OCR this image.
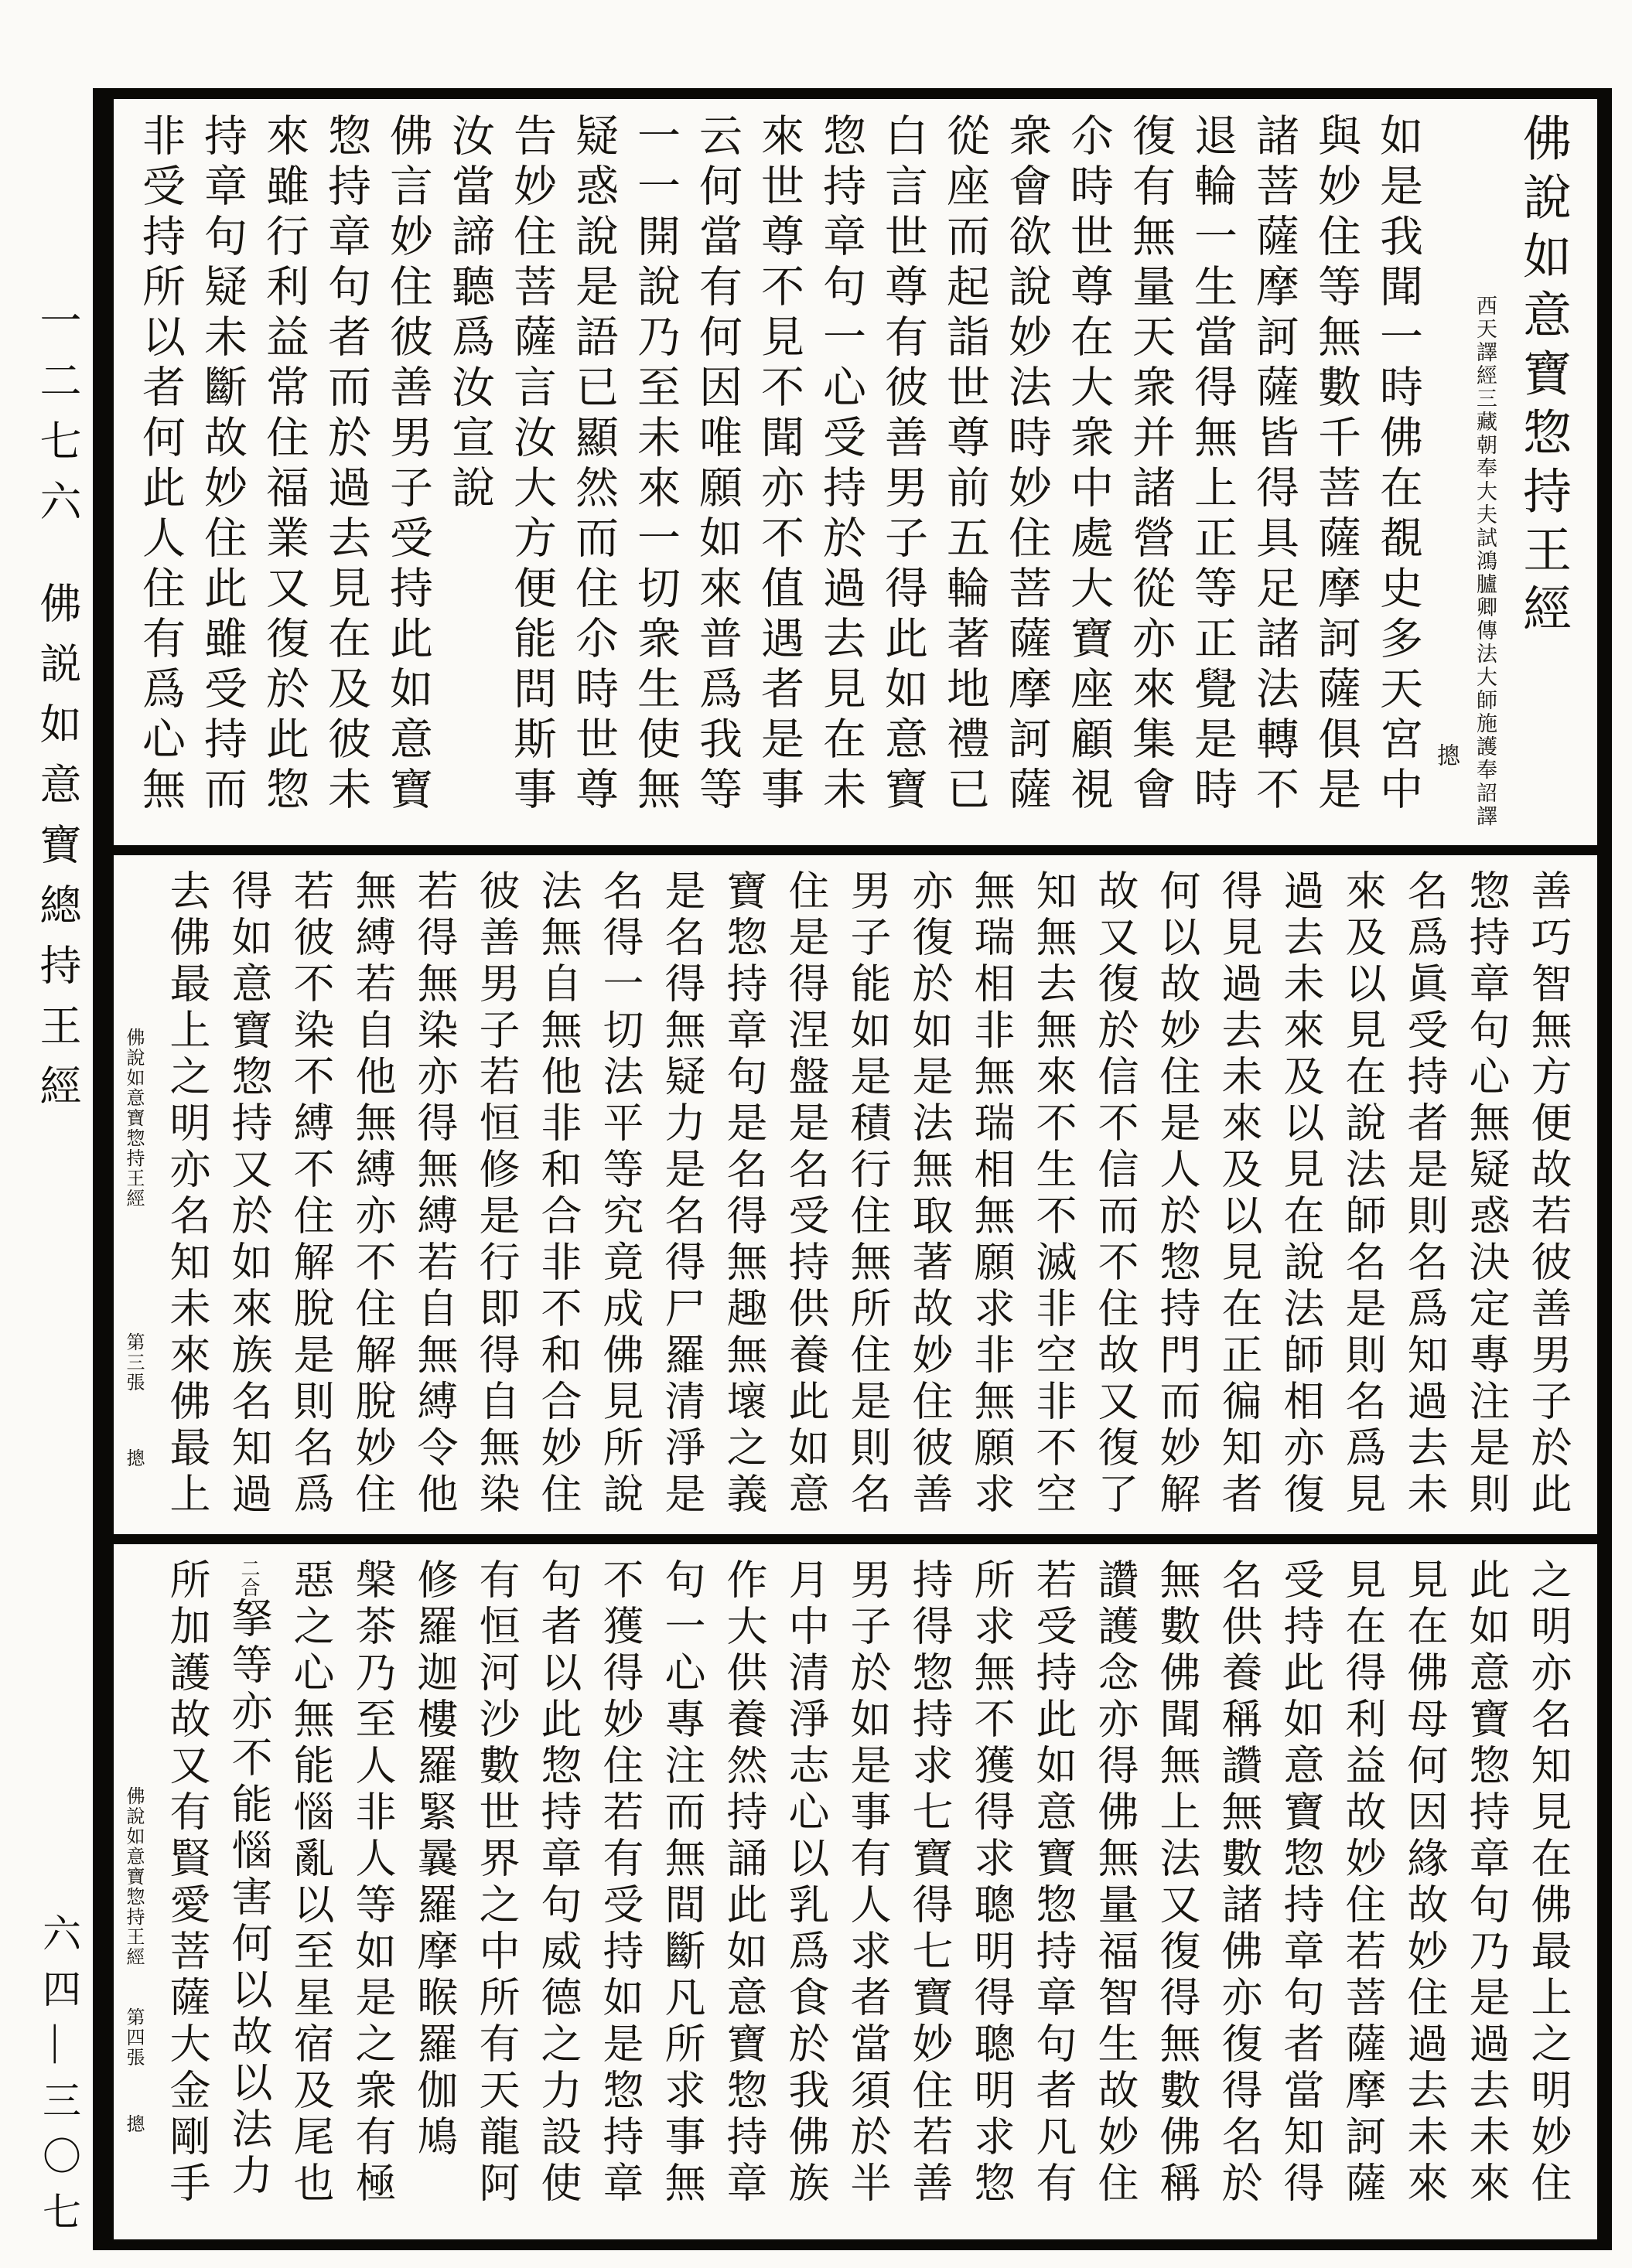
一二七六佛説如意寶總持王經
六四—三〇七
佛說如意寶惣持王經
西天譯經三藏朝奉大夫試鴻臚卿傳法大師施護奉詔譯
摠
如是我聞一時佛在覩史多天宮中
與妙住等無數千菩薩摩訶薩俱是
諸菩薩摩訶薩皆得具足諸法轉不
退輪一生當得無上正等正覺是時
復有無量天衆并諸營從亦來集會
尒時世尊在大衆中處大寶座顧視
衆會欲說妙法時妙住菩薩摩訶薩
從座而起詣世尊前五輪著地禮已
白言世尊有彼善男子得此如意寶
惣持章句一心受持於過去見在未
來世尊不見不聞亦不值遇者是事
云何當有何因唯願如來普爲我等
一一開說乃至未來一切衆生使無
疑惑說是語已顯然而住尒時世尊
告妙住菩薩言汝大方便能問斯事
汝當諦聽爲汝宣說
佛言妙住彼善男子受持此如意寶
惣持章句者而於過去見在及彼未
來雖行利益常住福業又復於此惣
持章句疑未斷故妙住此雖受持而
非受持所以者何此人住有爲心無
善巧智無方便故若彼善男子於此
惣持章句心無疑惑決定專注是則
名爲眞受持者是則名爲知過去未
來及以見在說法師名是則名爲見
過去未來及以見在說法師相亦復
得見過去未來及以見在正徧知者
何以故妙住是人於惣持門而妙解
故又復於信不信而不住故又復了
知無去無來不生不滅非空非不空
無瑞相非無瑞相無願求非無願求
亦復於如是法無取著故妙住彼善
男子能如是積行住無所住是則名
住是得涅盤是名受持供養此如意
寶惣持章句是名得無趣無壞之義
是名得無疑力是名得尸羅清淨是
名得一切法平等究竟成佛見所說
法無自無他非和合非不和合妙住
彼善男子若恒修是行即得自無染
若得無染亦得無縛若自無縛令他
無縛若自他無縛亦不住解脫妙住
若彼不染不縛不住解脫是則名爲
得如意寶惣持又於如來族名知過
去佛最上之明亦名知未來佛最上
佛說如意寶惣持王經第三張摠
之明亦名知見在佛最上之明妙住
此如意寶惣持章句乃是過去未來
見在佛母何因緣故妙住過去未來
見在得利益故妙住若菩薩摩訶薩
受持此如意寶惣持章句者當知得
名供養稱讚無數諸佛亦復得名於
無數佛聞無上法又復得無數佛稱
讚護念亦得佛無量福智生故妙住
若受持此如意寶惣持章句者凡有
所求無不獲得求聰明得聰明求惣
持得惣持求七寶得七寶妙住若善
男子於如是事有人求者當須於半
月中清淨志心以乳爲食於我佛族
作大供養然持誦此如意寶惣持章
句一心專注而無間斷凡所求事無
不獲得妙住若有受持如是惣持章
句者以此惣持章句威德之力設使
有恒河沙數世界之中所有天龍阿
修羅迦樓羅緊曩羅摩睺羅伽鳩
槃茶乃至人非人等如是之衆有極
惡之心無能惱亂以至星宿及尾也
二合拏等亦不能惱害何以故以法力
所加護故又有賢愛菩薩大金剛手
佛說如意寶惣持王經第四張摠
